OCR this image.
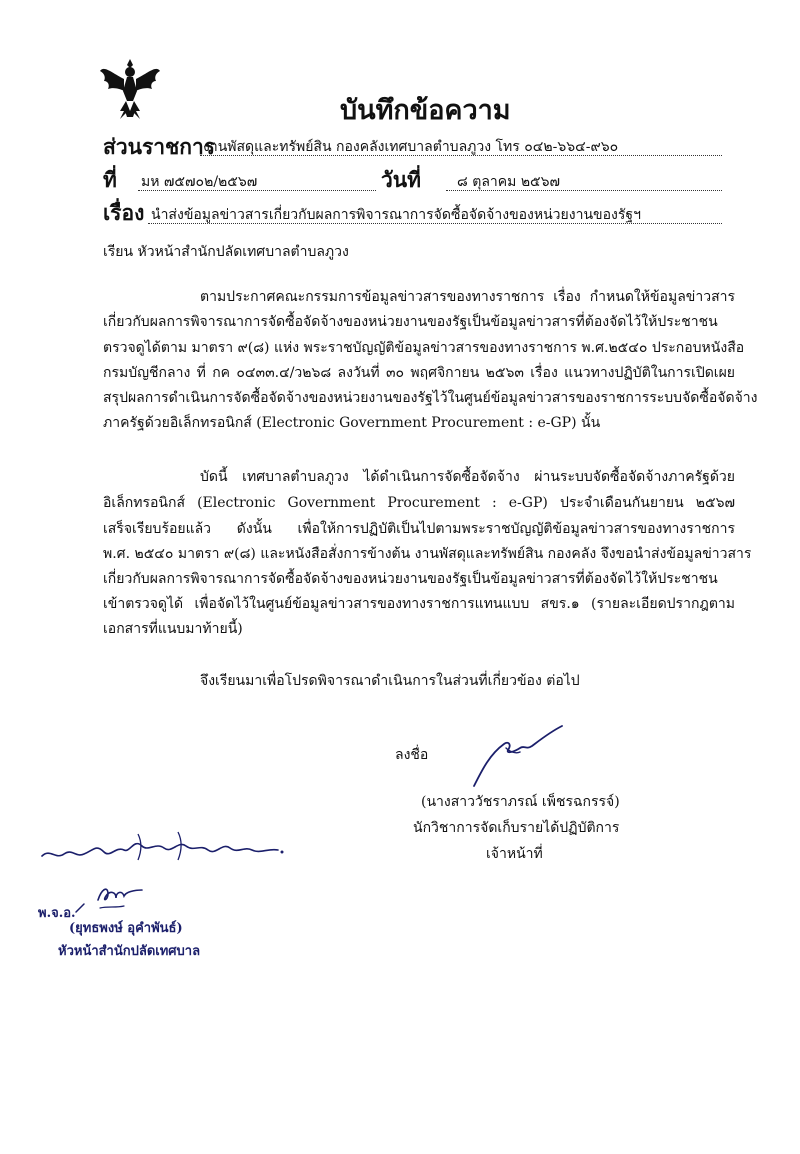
บันทึกข้อความ
ส่วนราชการ
งานพัสดุและทรัพย์สิน กองคลังเทศบาลตำบลภูวง โทร ๐๔๒-๖๖๔-๙๖๐
ที่ มห ๗๕๗๐๒/๒๕๖๗	วันที่	๘ ตุลาคม ๒๕๖๗
เรื่อง นำส่งข้อมูลข่าวสารเกี่ยวกับผลการพิจารณาการจัดซื้อจัดจ้างของหน่วยงานของรัฐฯ
เรียน หัวหน้าสำนักปลัดเทศบาลตำบลภูวง
ตามประกาศคณะกรรมการข้อมูลข่าวสารของทางราชการ เรื่อง กำหนดให้ข้อมูลข่าวสาร
เกี่ยวกับผลการพิจารณาการจัดซื้อจัดจ้างของหน่วยงานของรัฐเป็นข้อมูลข่าวสารที่ต้องจัดไว้ให้ประชาชน
ตรวจดูได้ตาม มาตรา ๙(๘) แห่ง พระราชบัญญัติข้อมูลข่าวสารของทางราชการ พ.ศ.๒๕๔๐ ประกอบหนังสือ
กรมบัญชีกลาง ที่ กค ๐๔๓๓.๔/ว๒๖๘ ลงวันที่ ๓๐ พฤศจิกายน ๒๕๖๓ เรื่อง แนวทางปฏิบัติในการเปิดเผย
สรุปผลการดำเนินการจัดซื้อจัดจ้างของหน่วยงานของรัฐไว้ในศูนย์ข้อมูลข่าวสารของราชการระบบจัดซื้อจัดจ้าง
ภาครัฐด้วยอิเล็กทรอนิกส์ (Electronic Government Procurement : e-GP) นั้น
บัดนี้ เทศบาลตำบลภูวง ได้ดำเนินการจัดซื้อจัดจ้าง ผ่านระบบจัดซื้อจัดจ้างภาครัฐด้วย
อิเล็กทรอนิกส์ (Electronic Government Procurement : e-GP) ประจำเดือนกันยายน ๒๕๖๗
เสร็จเรียบร้อยแล้ว ดังนั้น เพื่อให้การปฏิบัติเป็นไปตามพระราชบัญญัติข้อมูลข่าวสารของทางราชการ
พ.ศ. ๒๕๔๐ มาตรา ๙(๘) และหนังสือสั่งการข้างต้น งานพัสดุและทรัพย์สิน กองคลัง จึงขอนำส่งข้อมูลข่าวสาร
เกี่ยวกับผลการพิจารณาการจัดซื้อจัดจ้างของหน่วยงานของรัฐเป็นข้อมูลข่าวสารที่ต้องจัดไว้ให้ประชาชน
เข้าตรวจดูได้ เพื่อจัดไว้ในศูนย์ข้อมูลข่าวสารของทางราชการแทนแบบ สขร.๑ (รายละเอียดปรากฎตาม
เอกสารที่แนบมาท้ายนี้)
จึงเรียนมาเพื่อโปรดพิจารณาดำเนินการในส่วนที่เกี่ยวข้อง ต่อไป
ลงชื่อ
(นางสาววัชราภรณ์ เพ็ชรฉกรรจ์)
นักวิชาการจัดเก็บรายได้ปฏิบัติการ
เจ้าหน้าที่
พ.จ.อ.
(ยุทธพงษ์ อุคำพันธ์)
หัวหน้าสำนักปลัดเทศบาล
